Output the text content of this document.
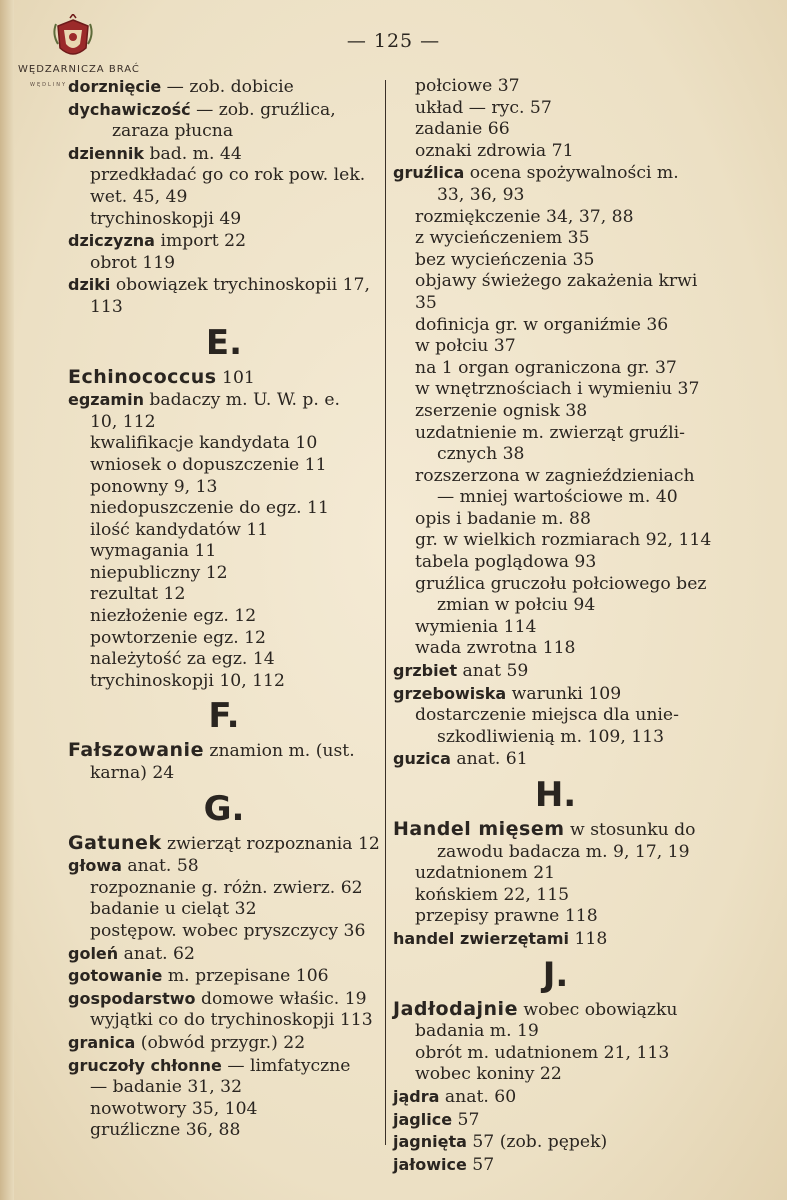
WĘDZARNICZA BRAĆ
WĘDLINY
— 125 —
dorznięcie — zob. dobicie
dychawiczość — zob. gruźlica,
zaraza płucna
dziennik bad. m. 44
przedkładać go co rok pow. lek.
wet. 45, 49
trychinoskopji 49
dziczyzna import 22
obrot 119
dziki obowiązek trychinoskopii 17,
113
E.
Echinococcus 101
egzamin badaczy m. U. W. p. e.
10, 112
kwalifikacje kandydata 10
wniosek o dopuszczenie 11
ponowny 9, 13
niedopuszczenie do egz. 11
ilość kandydatów 11
wymagania 11
niepubliczny 12
rezultat 12
niezłożenie egz. 12
powtorzenie egz. 12
należytość za egz. 14
trychinoskopji 10, 112
F.
Fałszowanie znamion m. (ust.
karna) 24
G.
Gatunek zwierząt rozpoznania 12
głowa anat. 58
rozpoznanie g. różn. zwierz. 62
badanie u cieląt 32
postępow. wobec pryszczycy 36
goleń anat. 62
gotowanie m. przepisane 106
gospodarstwo domowe właśic. 19
wyjątki co do trychinoskopji 113
granica (obwód przygr.) 22
gruczoły chłonne — limfatyczne
— badanie 31, 32
nowotwory 35, 104
gruźliczne 36, 88
połciowe 37
układ — ryc. 57
zadanie 66
oznaki zdrowia 71
gruźlica ocena spożywalności m.
33, 36, 93
rozmiękczenie 34, 37, 88
z wycieńczeniem 35
bez wycieńczenia 35
objawy świeżego zakażenia krwi 35
dofinicja gr. w organiźmie 36
w połciu 37
na 1 organ ograniczona gr. 37
w wnętrznościach i wymieniu 37
zserzenie ognisk 38
uzdatnienie m. zwierząt gruźli-
cznych 38
rozszerzona w zagnieździeniach
— mniej wartościowe m. 40
opis i badanie m. 88
gr. w wielkich rozmiarach 92, 114
tabela poglądowa 93
gruźlica gruczołu połciowego bez
zmian w połciu 94
wymienia 114
wada zwrotna 118
grzbiet anat 59
grzebowiska warunki 109
dostarczenie miejsca dla unie-
szkodliwienią m. 109, 113
guzica anat. 61
H.
Handel mięsem w stosunku do
zawodu badacza m. 9, 17, 19
uzdatnionem 21
końskiem 22, 115
przepisy prawne 118
handel zwierzętami 118
J.
Jadłodajnie wobec obowiązku
badania m. 19
obrót m. udatnionem 21, 113
wobec koniny 22
jądra anat. 60
jaglice 57
jagnięta 57 (zob. pępek)
jałowice 57
